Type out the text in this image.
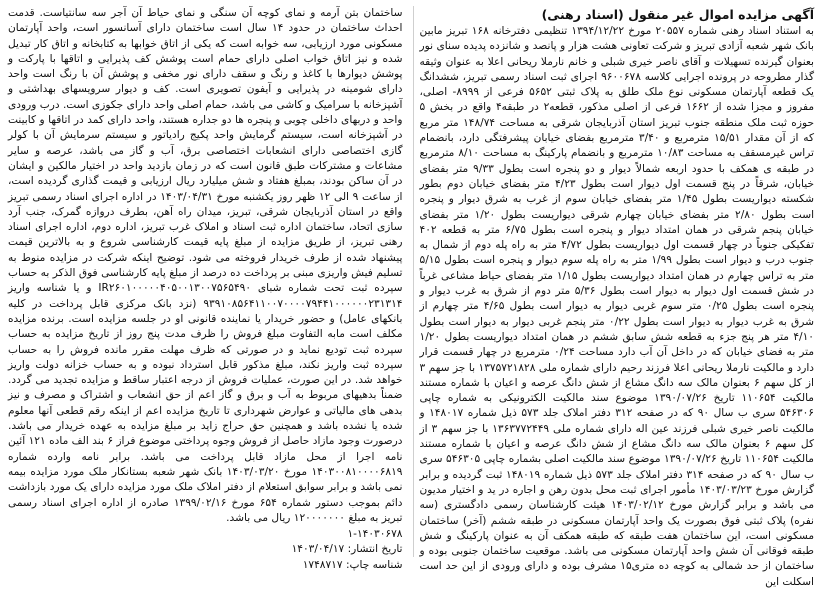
آگهی مزایده اموال غیر منقول (اسناد رهنی)

به استناد اسناد رهنی شماره ۲۰۵۵۷ مورخ ۱۳۹۴/۱۲/۲۲ تنظیمی دفترخانه ۱۶۸ تبریز مابین بانک شهر شعبه آزادی تبریز و شرکت تعاونی هشت هزار و پانصد و شانزده پدیده سنای نور بعنوان گیرنده تسهیلات و آقای ناصر خیری شبلی و خانم نارملا ریحانی اعلا به عنوان وثیقه گذار مطروحه در پرونده اجرایی کلاسه ۹۶۰۰۶۷۸ اجرای ثبت اسناد رسمی تبریز، ششدانگ یک قطعه آپارتمان مسکونی نوع ملک طلق به پلاک ثبتی ۵۶۵۲ فرعی از ۸۹۹۹- اصلی، مفروز و مجزا شده از ۱۶۶۲ فرعی از اصلی مذکور، قطعه۲ در طبقه۴ واقع در بخش ۵ حوزه ثبت ملک منطقه جنوب تبریز استان آذربایجان شرقی به مساحت ۱۴۸/۷۴ متر مربع که از آن مقدار ۱۵/۵۱ مترمربع و ۳/۴۰ مترمربع بفضای خیابان پیشرفتگی دارد، بانضمام تراس غیرمسقف به مساحت ۱۰/۸۳ مترمربع و بانضمام پارکینگ به مساحت ۸/۱۰ مترمربع در طبقه ی همکف با حدود اربعه شمالاً دیوار و دو پنجره است بطول ۹/۳۳ متر بفضای خیابان، شرقاً در پنج قسمت اول دیوار است بطول ۴/۲۳ متر بفضای خیابان دوم بطور شکسته دیواریست بطول ۱/۴۵ متر بفضای خیابان سوم از غرب به شرق دیوار و پنجره است بطول ۲/۸۰ متر بفضای خیابان چهارم شرقی دیواریست بطول ۱/۲۰ متر بفضای خیابان پنجم شرقی در همان امتداد دیوار و پنجره است بطول ۶/۷۵ متر به قطعه ۴۰۲ تفکیکی جنوباً در چهار قسمت اول دیواریست بطول ۴/۷۲ متر به راه پله دوم از شمال به جنوب درب و دیوار است بطول ۱/۹۹ متر به راه پله سوم دیوار و پنجره است بطول ۵/۱۵ متر به تراس چهارم در همان امتداد دیواریست بطول ۱/۱۵ متر بفضای حیاط مشاعی غرباً در شش قسمت اول دیوار به دیوار است بطول ۵/۳۶ متر دوم از شرق به غرب دیوار و پنجره است بطول ۰/۲۵ متر سوم غربی دیوار به دیوار است بطول ۴/۶۵ متر چهارم از شرق به غرب دیوار به دیوار است بطول ۰/۲۲ متر پنجم غربی دیوار به دیوار است بطول ۴/۱۰ متر هر پنج جزء به قطعه شش سابق ششم در همان امتداد دیواریست بطول ۱/۲۰ متر به فضای خیابان که در داخل آن آب دارد مساحت ۰/۲۴ مترمربع در چهار قسمت قرار دارد و مالکیت نارملا ریحانی اعلا فرزند رحیم دارای شماره ملی ۱۳۷۵۷۲۱۸۲۸ با جز سهم ۳ از کل سهم ۶ بعنوان مالک سه دانگ مشاع از شش دانگ عرصه و اعیان با شماره مستند مالکیت ۱۱۰۶۵۴ تاریخ ۱۳۹۰/۰۷/۲۶ موضوع سند مالکیت الکترونیکی به شماره چاپی ۵۴۶۳۰۶ سری ب سال ۹۰ که در صفحه ۳۱۲ دفتر املاک جلد ۵۷۳ ذیل شماره ۱۴۸۰۱۷ و مالکیت ناصر خیری شبلی فرزند عین اله دارای شماره ملی ۱۳۶۳۷۷۲۴۴۹ با جز سهم ۳ از کل سهم ۶ بعنوان مالک سه دانگ مشاع از شش دانگ عرصه و اعیان با شماره مستند مالکیت ۱۱۰۶۵۴ تاریخ ۱۳۹۰/۰۷/۲۶ موضوع سند مالکیت اصلی بشماره چاپی ۵۴۶۳۰۵ سری ب سال ۹۰ که در صفحه ۳۱۴ دفتر املاک جلد ۵۷۳ ذیل شماره ۱۴۸۰۱۹ ثبت گردیده و برابر گزارش مورخ ۱۴۰۳/۰۳/۲۳ مأمور اجرای ثبت محل بدون رهن و اجاره در ید و اختیار مدیون می باشد و برابر گزارش مورخ ۱۴۰۳/۰۲/۱۲ هیئت کارشناسان رسمی دادگستری (سه نفره) پلاک ثبتی فوق بصورت یک واحد آپارتمان مسکونی در طبقه ششم (آخر) ساختمان مسکونی است، این ساختمان هفت طبقه که طبقه همکف آن به عنوان پارکینگ و شش طبقه فوقانی آن شش واحد آپارتمان مسکونی می باشد. موقعیت ساختمان جنوبی بوده و ساختمان از حد شمالی به کوچه ده متری۱۵ مشرف بوده و دارای ورودی از این حد است اسکلت این

ساختمان بتن آرمه و نمای کوچه آن سنگی و نمای حیاط آن آجر سه سانتیاست. قدمت احداث ساختمان در حدود ۱۴ سال است ساختمان دارای آسانسور است، واحد آپارتمان مسکونی مورد ارزیابی، سه خوابه است که یکی از اتاق خوابها به کتابخانه و اتاق کار تبدیل شده و نیز اتاق خواب اصلی دارای حمام است پوشش کف پذیرایی و اتاقها با پارکت و پوشش دیوارها با کاغذ و رنگ و سقف دارای نور مخفی و پوشش آن با رنگ است واحد دارای شومینه در پذیرایی و آیفون تصویری است. کف و دیوار سرویسهای بهداشتی و آشپزخانه با سرامیک و کاشی می باشد، حمام اصلی واحد دارای جکوزی است. درب ورودی واحد و دربهای داخلی چوبی و پنجره ها دو جداره هستند، واحد دارای کمد در اتاقها و کابینت در آشپزخانه است، سیستم گرمایش واحد پکیج رادیاتور و سیستم سرمایش آن با کولر گازی اختصاصی دارای انشعابات اختصاصی برق، آب و گاز می باشد، عرصه و سایر مشاعات و مشترکات طبق قانون است که در زمان بازدید واحد در اختیار مالکین و ایشان در آن ساکن بودند، بمبلغ هفتاد و شش میلیارد ریال ارزیابی و قیمت گذاری گردیده است، از ساعت ۹ الی ۱۲ ظهر روز یکشنبه مورخ ۱۴۰۳/۰۴/۳۱ در اداره اجرای اسناد رسمی تبریز واقع در استان آذربایجان شرقی، تبریز، میدان راه آهن، بطرف دروازه گمرک، جنب آرد سازی اتحاد، ساختمان اداره ثبت اسناد و املاک غرب تبریز، اداره دوم، اداره اجرای اسناد رهنی تبریز، از طریق مزایده از مبلغ پایه قیمت کارشناسی شروع و به بالاترین قیمت پیشنهاد شده از طرف خریدار فروخته می شود. توضیح اینکه شرکت در مزایده منوط به تسلیم فیش واریزی مبنی بر پرداخت ده درصد از مبلغ پایه کارشناسی فوق الذکر به حساب سپرده ثبت تحت شماره شبای IR۲۶۰۱۰۰۰۰۰۴۰۵۰۰۱۳۰۰۷۵۶۵۴۹۰ و یا شناسه واریز ۹۳۹۱۰۸۵۶۴۱۱۰۰۷۰۰۰۰۷۹۴۴۱۰۰۰۰۰۰۲۳۱۳۱۴ (نزد بانک مرکزی قابل پرداخت در کلیه بانکهای عامل) و حضور خریدار یا نماینده قانونی او در جلسه مزایده است. برنده مزایده مکلف است مابه التفاوت مبلغ فروش را ظرف مدت پنج روز از تاریخ مزایده به حساب سپرده ثبت تودیع نماید و در صورتی که ظرف مهلت مقرر مانده فروش را به حساب سپرده ثبت واریز نکند، مبلغ مذکور قابل استرداد نبوده و به حساب خزانه دولت واریز خواهد شد. در این صورت، عملیات فروش از درجه اعتبار ساقط و مزایده تجدید می گردد. ضمناً بدهیهای مربوط به آب و برق و گاز اعم از حق انشعاب و اشتراک و مصرف و نیز بدهی های مالیاتی و عوارض شهرداری تا تاریخ مزایده اعم از اینکه رقم قطعی آنها معلوم شده یا نشده باشد و همچنین حق حراج زاید بر مبلغ مزایده به عهده خریدار می باشد. درصورت وجود مازاد حاصل از فروش وجوه پرداختی موضوع فراز ۶ بند الف ماده ۱۲۱ آئین نامه اجرا از محل مازاد قابل پرداخت می باشد. برابر نامه وارده شماره ۱۴۰۳۰۰۸۱۰۰۰۰۶۸۱۹ مورخ ۱۴۰۳/۰۳/۲۰ بانک شهر شعبه بستانکار ملک مورد مزایده بیمه نمی باشد و برابر سوابق استعلام از دفتر املاک ملک مورد مزایده دارای یک مورد بازداشت دائم بموجب دستور شماره ۶۵۴ مورخ ۱۳۹۹/۰۲/۱۶ صادره از اداره اجرای اسناد رسمی تبریز به مبلغ ۱۲۰۰۰۰۰۰۰ ریال می باشد.

۱-۱۴۰۳۰۶۷۸
تاریخ انتشار: ۱۴۰۳/۰۴/۱۷
شناسه چاپ: ۱۷۴۸۷۱۷
